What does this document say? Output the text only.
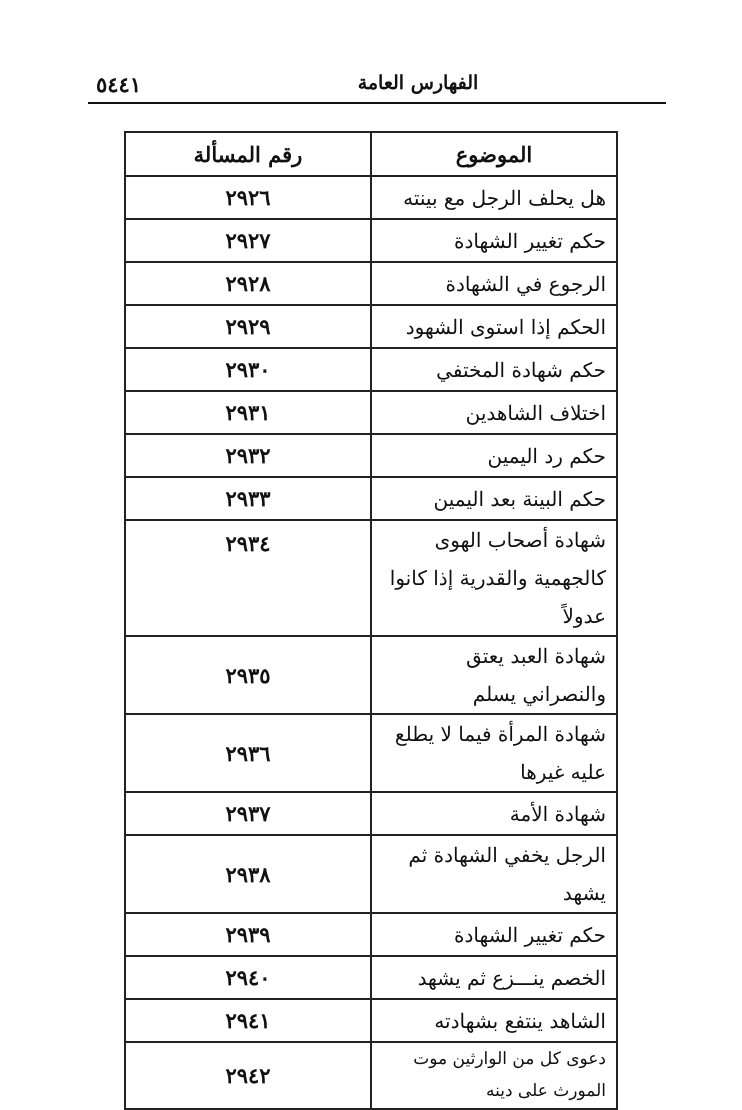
٥٤٤١	الفهارس العامة
الموضوع	رقم المسألة
هل يحلف الرجل مع بينته	٢٩٢٦
حكم تغيير الشهادة	٢٩٢٧
الرجوع في الشهادة	٢٩٢٨
الحكم إذا استوى الشهود	٢٩٢٩
حكم شهادة المختفي	٢٩٣٠
اختلاف الشاهدين	٢٩٣١
حكم رد اليمين	٢٩٣٢
حكم البينة بعد اليمين	٢٩٣٣
شهادة أصحاب الهوى كالجهمية والقدرية إذا كانوا عدولاً	٢٩٣٤
شهادة العبد يعتق والنصراني يسلم	٢٩٣٥
شهادة المرأة فيما لا يطلع عليه غيرها	٢٩٣٦
شهادة الأمة	٢٩٣٧
الرجل يخفي الشهادة ثم يشهد	٢٩٣٨
حكم تغيير الشهادة	٢٩٣٩
الخصم ينـــزع ثم يشهد	٢٩٤٠
الشاهد ينتفع بشهادته	٢٩٤١
دعوى كل من الوارثين موت المورث على دينه	٢٩٤٢
